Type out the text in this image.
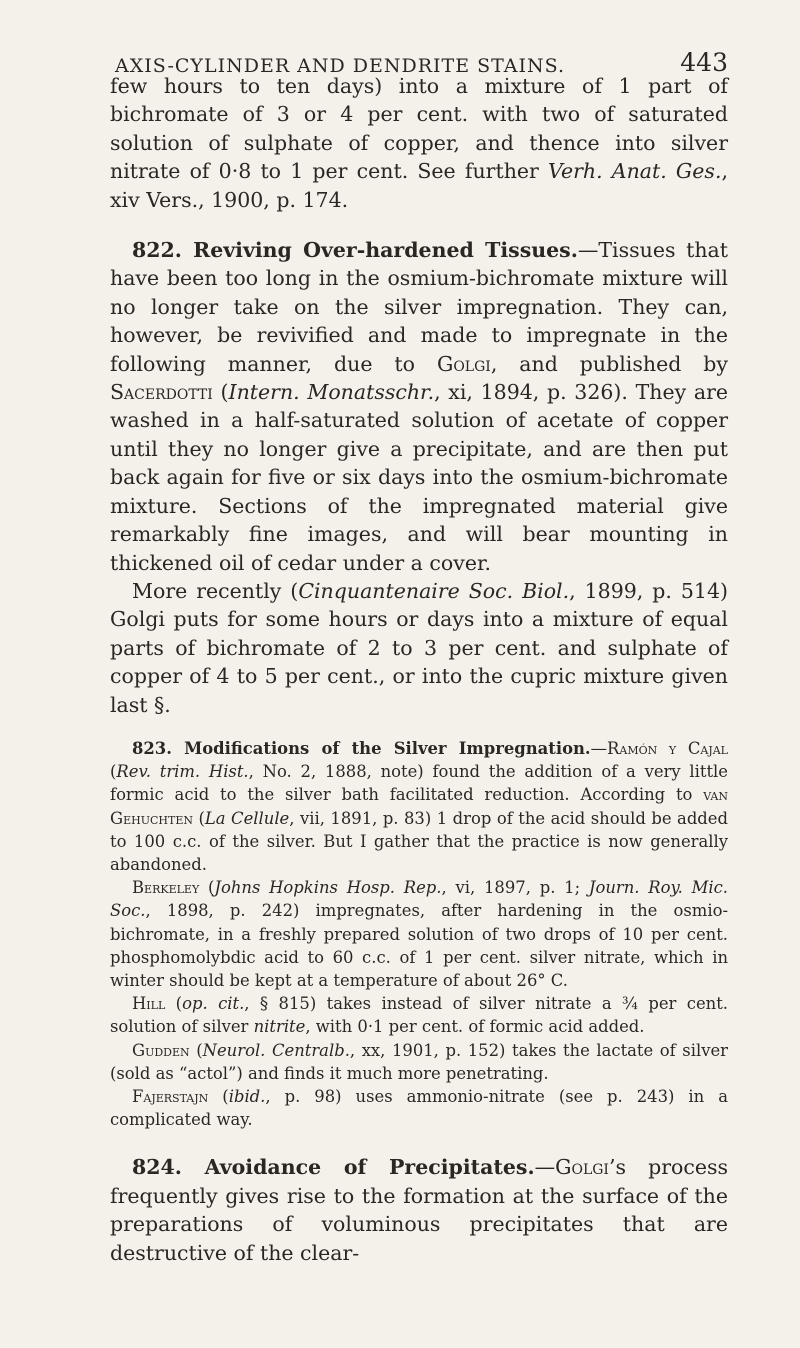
AXIS-CYLINDER AND DENDRITE STAINS.	443

few hours to ten days) into a mixture of 1 part of bichromate of 3 or 4 per cent. with two of saturated solution of sulphate of copper, and thence into silver nitrate of 0·8 to 1 per cent. See further Verh. Anat. Ges., xiv Vers., 1900, p. 174.

822. Reviving Over-hardened Tissues.—Tissues that have been too long in the osmium-bichromate mixture will no longer take on the silver impregnation. They can, however, be revivified and made to impregnate in the following manner, due to Golgi, and published by Sacerdotti (Intern. Monatsschr., xi, 1894, p. 326). They are washed in a half-saturated solution of acetate of copper until they no longer give a precipitate, and are then put back again for five or six days into the osmium-bichromate mixture. Sections of the impregnated material give remarkably fine images, and will bear mounting in thickened oil of cedar under a cover.

More recently (Cinquantenaire Soc. Biol., 1899, p. 514) Golgi puts for some hours or days into a mixture of equal parts of bichromate of 2 to 3 per cent. and sulphate of copper of 4 to 5 per cent., or into the cupric mixture given last §.

823. Modifications of the Silver Impregnation.—Ramón y Cajal (Rev. trim. Hist., No. 2, 1888, note) found the addition of a very little formic acid to the silver bath facilitated reduction. According to van Gehuchten (La Cellule, vii, 1891, p. 83) 1 drop of the acid should be added to 100 c.c. of the silver. But I gather that the practice is now generally abandoned.

Berkeley (Johns Hopkins Hosp. Rep., vi, 1897, p. 1; Journ. Roy. Mic. Soc., 1898, p. 242) impregnates, after hardening in the osmio-bichromate, in a freshly prepared solution of two drops of 10 per cent. phosphomolybdic acid to 60 c.c. of 1 per cent. silver nitrate, which in winter should be kept at a temperature of about 26° C.

Hill (op. cit., § 815) takes instead of silver nitrate a ¾ per cent. solution of silver nitrite, with 0·1 per cent. of formic acid added.

Gudden (Neurol. Centralb., xx, 1901, p. 152) takes the lactate of silver (sold as “actol”) and finds it much more penetrating.

Fajerstajn (ibid., p. 98) uses ammonio-nitrate (see p. 243) in a complicated way.

824. Avoidance of Precipitates.—Golgi’s process frequently gives rise to the formation at the surface of the preparations of voluminous precipitates that are destructive of the clear-
